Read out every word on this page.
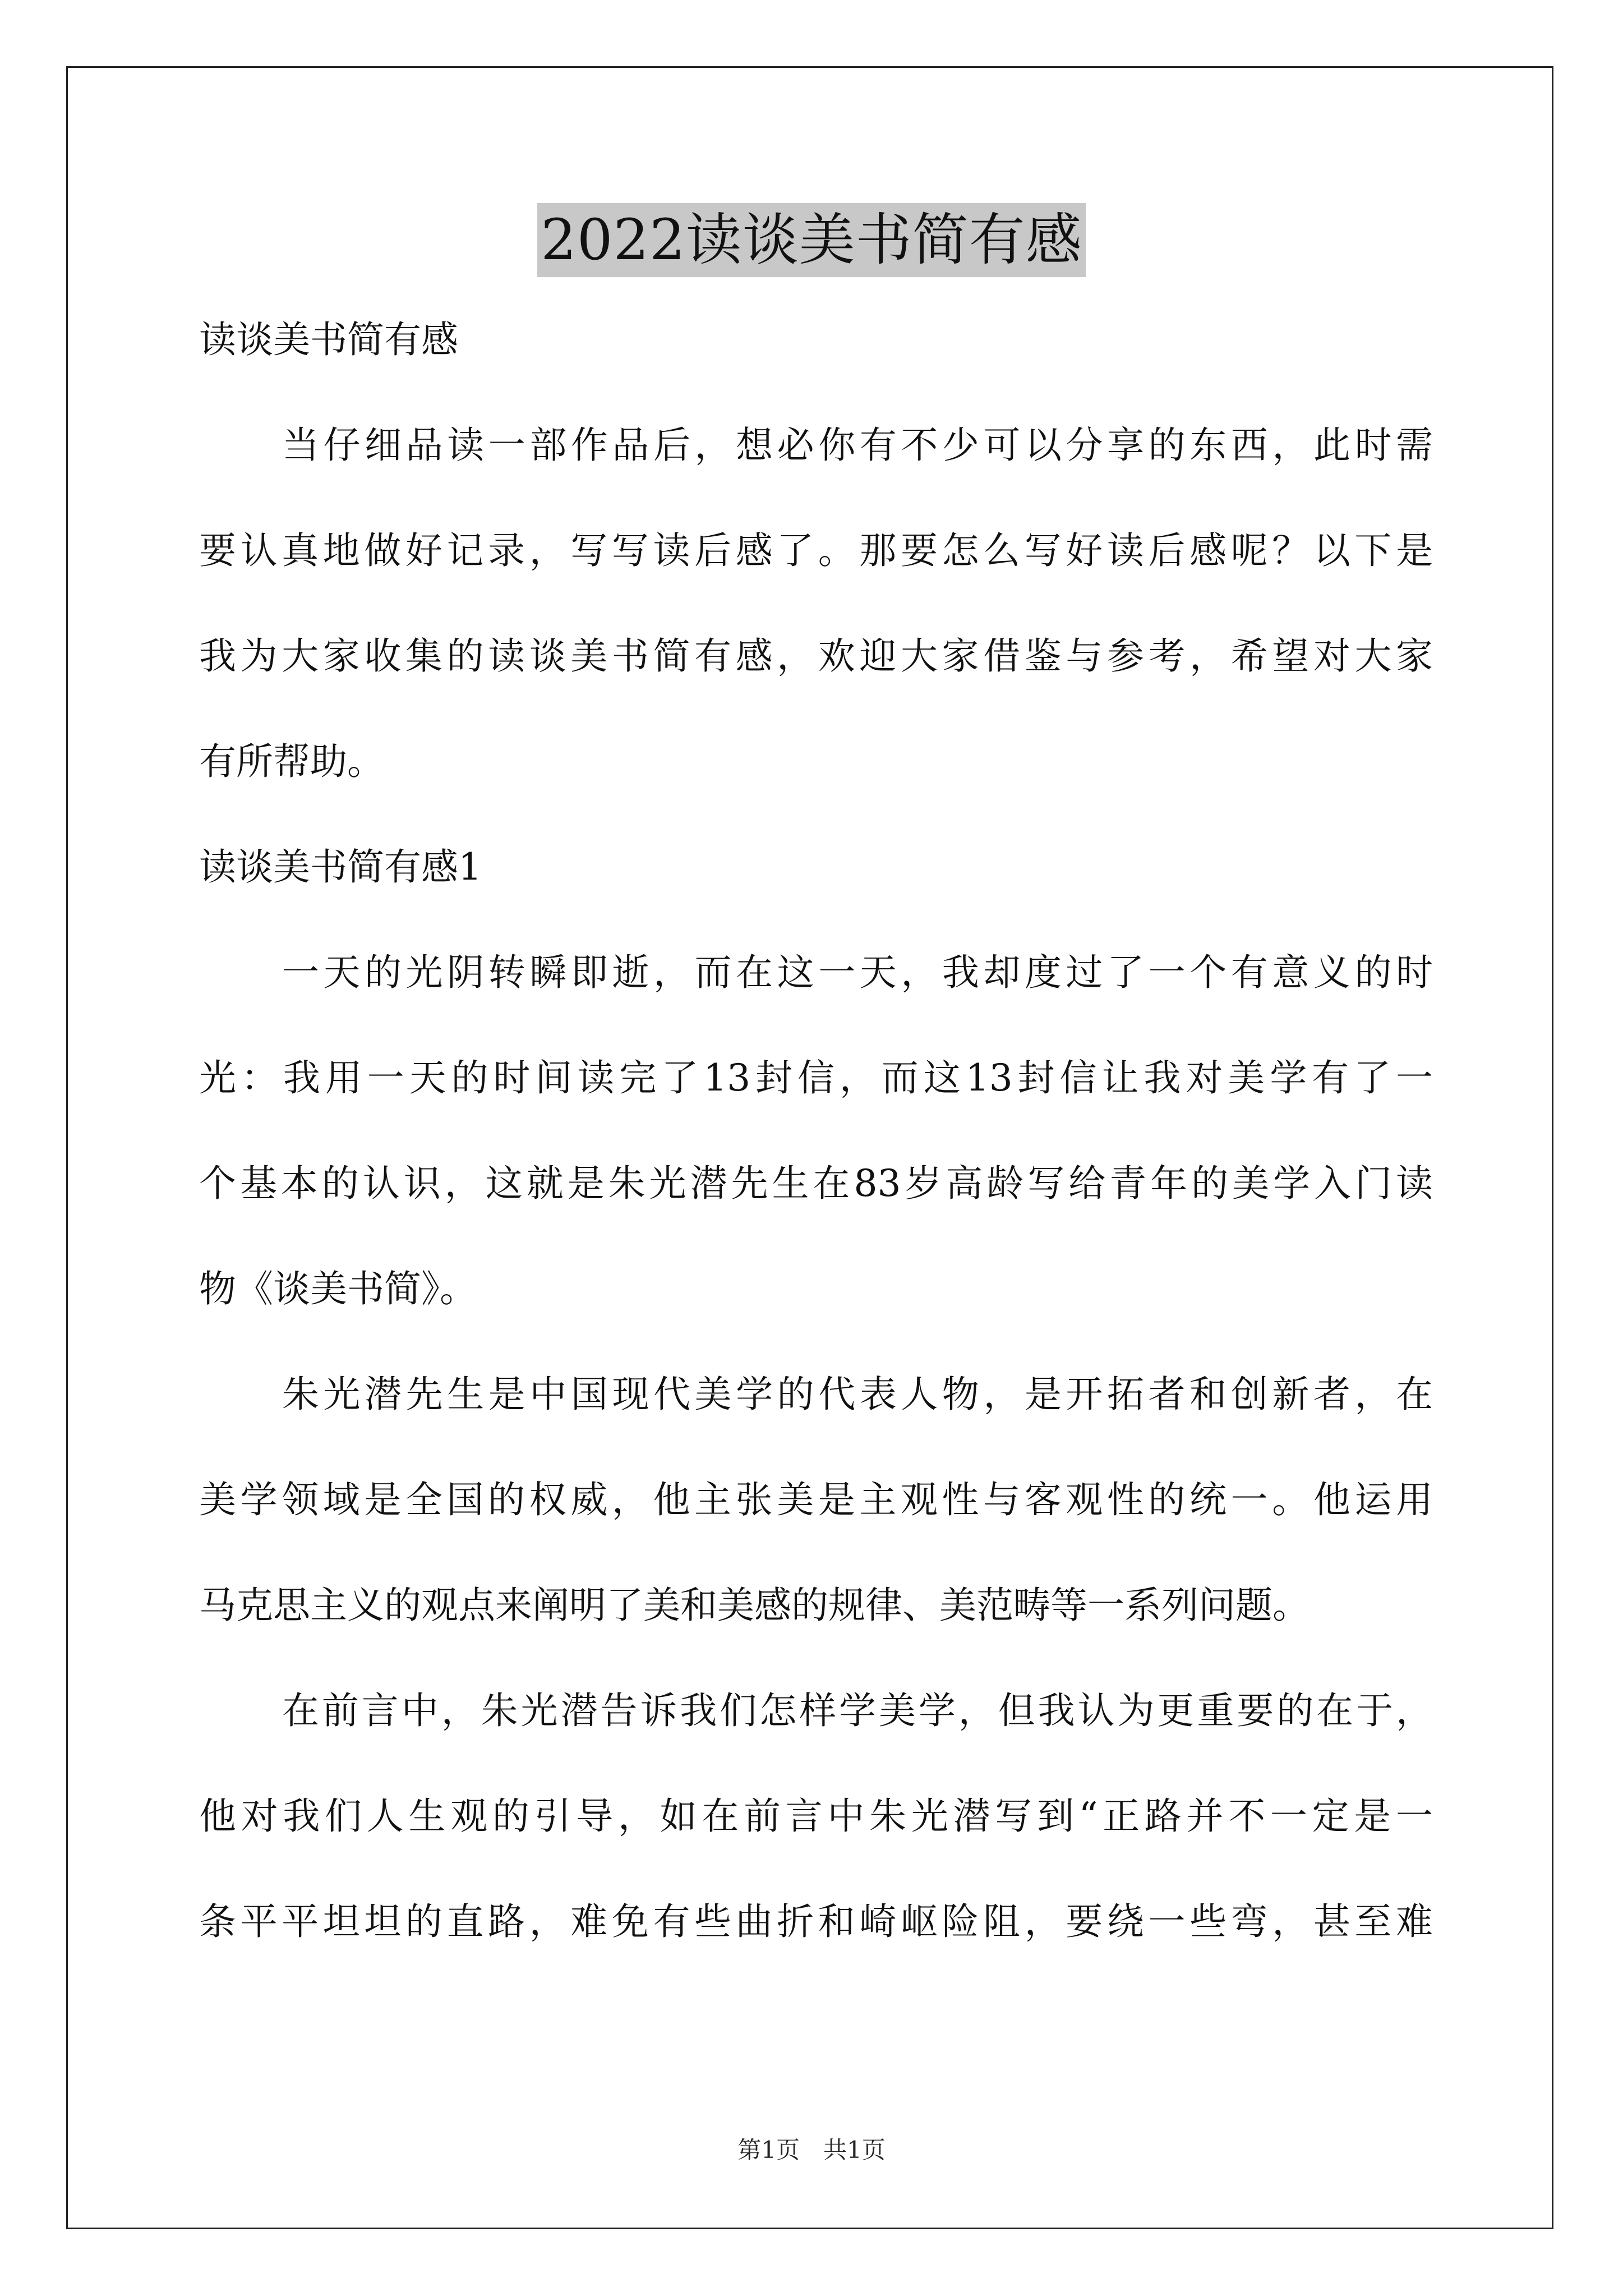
2022读谈美书简有感
读谈美书简有感
当仔细品读一部作品后，想必你有不少可以分享的东西，此时需
要认真地做好记录，写写读后感了。那要怎么写好读后感呢？以下是
我为大家收集的读谈美书简有感，欢迎大家借鉴与参考，希望对大家
有所帮助。
读谈美书简有感1
一天的光阴转瞬即逝，而在这一天，我却度过了一个有意义的时
光：我用一天的时间读完了13封信，而这13封信让我对美学有了一
个基本的认识，这就是朱光潜先生在83岁高龄写给青年的美学入门读
物《谈美书简》。
朱光潜先生是中国现代美学的代表人物，是开拓者和创新者，在
美学领域是全国的权威，他主张美是主观性与客观性的统一。他运用
马克思主义的观点来阐明了美和美感的规律、美范畴等一系列问题。
在前言中，朱光潜告诉我们怎样学美学，但我认为更重要的在于，
他对我们人生观的引导，如在前言中朱光潜写到“正路并不一定是一
条平平坦坦的直路，难免有些曲折和崎岖险阻，要绕一些弯，甚至难
第1页　共1页
